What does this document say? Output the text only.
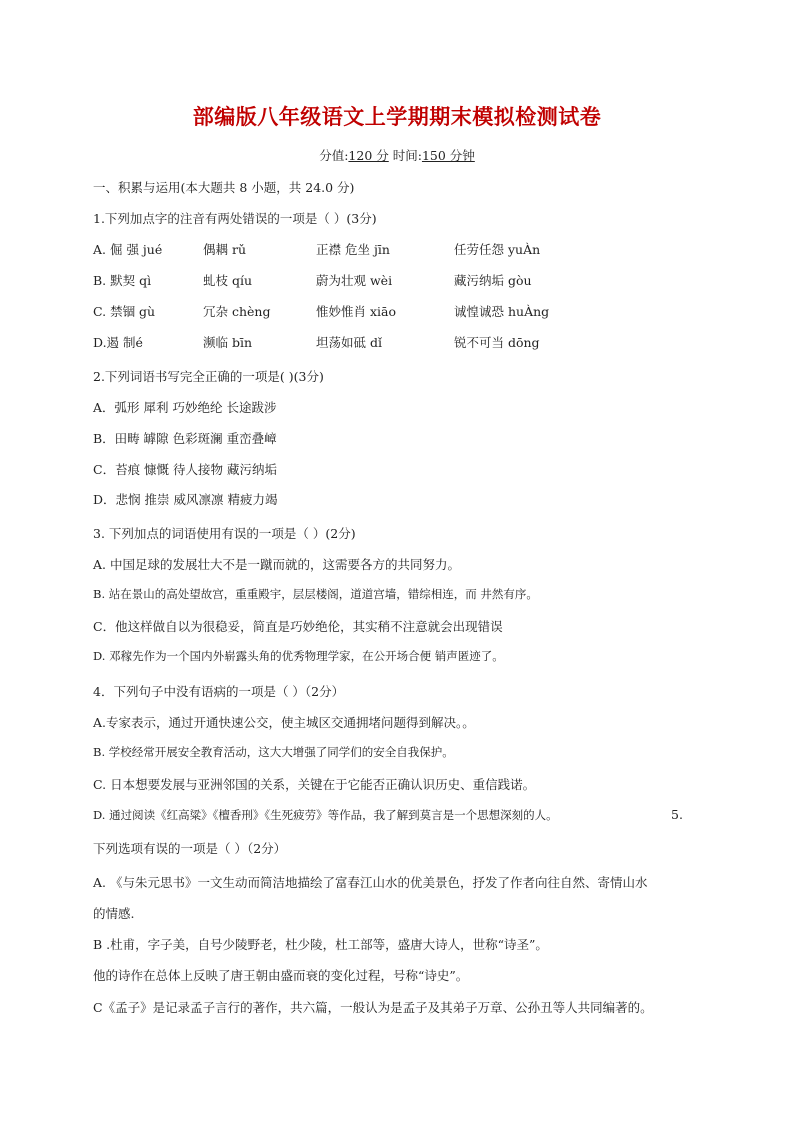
部编版八年级语文上学期期末模拟检测试卷
分值:120 分 时间:150 分钟
一、积累与运用(本大题共 8 小题，共 24.0 分)
1.下列加点字的注音有两处错误的一项是（ ）(3分)
A. 倔 强 jué	偶耦 rǔ	正襟 危坐 jīn	任劳任怨 yuÀn
B. 默契 qì	虬枝 qíu	蔚为壮观 wèi	藏污纳垢 gòu
C. 禁锢 gù	冗杂 chèng	惟妙惟肖 xiāo	诚惶诚恐 huÀng
D.遏 制é	濒临 bīn	坦荡如砥 dǐ	锐不可当 dōng
2.下列词语书写完全正确的一项是( )(3分)
A．弧形 犀利 巧妙绝纶 长途跋涉
B．田畴 罅隙 色彩斑澜 重峦叠嶂
C．苔痕 慷慨 待人接物 藏污纳垢
D．悲悯 推崇 威风凛凛 精疲力竭
3. 下列加点的词语使用有误的一项是（ ）(2分)
A. 中国足球的发展壮大不是一蹴而就的，这需要各方的共同努力。
B. 站在景山的高处望故宫，重重殿宇，层层楼阁，道道宫墙，错综相连，而 井然有序。
C．他这样做自以为很稳妥，简直是巧妙绝伦，其实稍不注意就会出现错误
D. 邓稼先作为一个国内外崭露头角的优秀物理学家，在公开场合便 销声匿迹了。
4．下列句子中没有语病的一项是（ ）（2分）
A.专家表示，通过开通快速公交，使主城区交通拥堵问题得到解决。。
B. 学校经常开展安全教育活动，这大大增强了同学们的安全自我保护。
C. 日本想要发展与亚洲邻国的关系，关键在于它能否正确认识历史、重信践诺。
D. 通过阅读《红高粱》《檀香刑》《生死疲劳》等作品，我了解到莫言是一个思想深刻的人。	5.
下列选项有误的一项是（ ）（2分）
A. 《与朱元思书》一文生动而简洁地描绘了富春江山水的优美景色，抒发了作者向往自然、寄情山水
的情感.
B .杜甫，字子美，自号少陵野老，杜少陵，杜工部等，盛唐大诗人，世称“诗圣”。
他的诗作在总体上反映了唐王朝由盛而衰的变化过程，号称“诗史”。
C《孟子》是记录孟子言行的著作，共六篇，一般认为是孟子及其弟子万章、公孙丑等人共同编著的。
